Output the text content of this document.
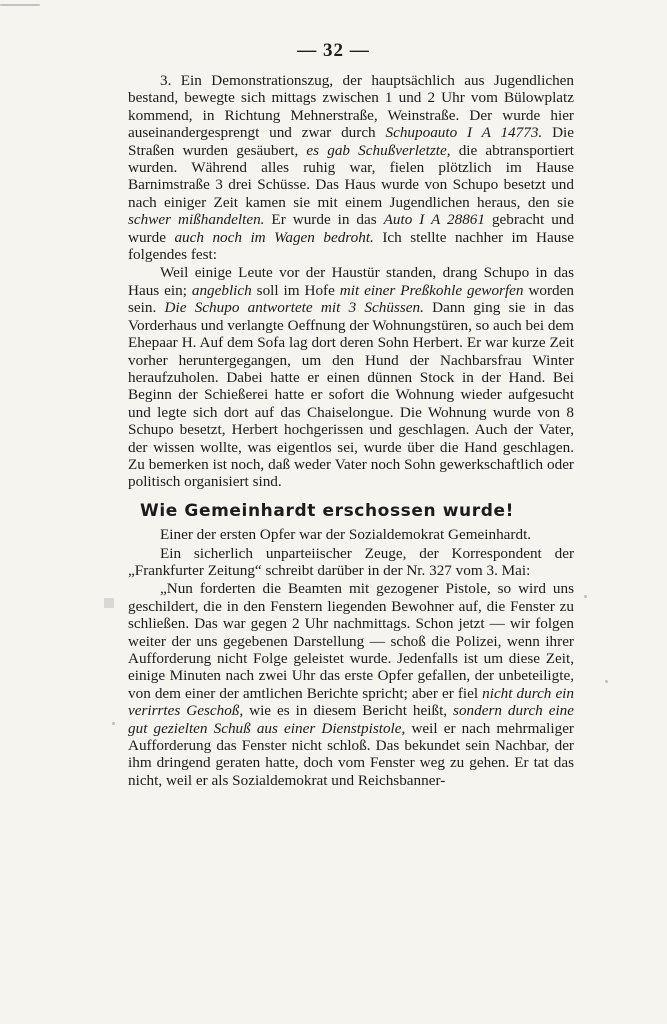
— 32 —

3. Ein Demonstrationszug, der hauptsächlich aus Jugendlichen bestand, bewegte sich mittags zwischen 1 und 2 Uhr vom Bülowplatz kommend, in Richtung Mehnerstraße, Weinstraße. Der wurde hier auseinandergesprengt und zwar durch Schupoauto I A 14773. Die Straßen wurden gesäubert, es gab Schußverletzte, die abtransportiert wurden. Während alles ruhig war, fielen plötzlich im Hause Barnimstraße 3 drei Schüsse. Das Haus wurde von Schupo besetzt und nach einiger Zeit kamen sie mit einem Jugendlichen heraus, den sie schwer mißhandelten. Er wurde in das Auto I A 28861 gebracht und wurde auch noch im Wagen bedroht. Ich stellte nachher im Hause folgendes fest:

Weil einige Leute vor der Haustür standen, drang Schupo in das Haus ein; angeblich soll im Hofe mit einer Preßkohle geworfen worden sein. Die Schupo antwortete mit 3 Schüssen. Dann ging sie in das Vorderhaus und verlangte Oeffnung der Wohnungstüren, so auch bei dem Ehepaar H. Auf dem Sofa lag dort deren Sohn Herbert. Er war kurze Zeit vorher heruntergegangen, um den Hund der Nachbarsfrau Winter heraufzuholen. Dabei hatte er einen dünnen Stock in der Hand. Bei Beginn der Schießerei hatte er sofort die Wohnung wieder aufgesucht und legte sich dort auf das Chaiselongue. Die Wohnung wurde von 8 Schupo besetzt, Herbert hochgerissen und geschlagen. Auch der Vater, der wissen wollte, was eigentlos sei, wurde über die Hand geschlagen. Zu bemerken ist noch, daß weder Vater noch Sohn gewerkschaftlich oder politisch organisiert sind.

Wie Gemeinhardt erschossen wurde!

Einer der ersten Opfer war der Sozialdemokrat Gemeinhardt.

Ein sicherlich unparteiischer Zeuge, der Korrespondent der „Frankfurter Zeitung“ schreibt darüber in der Nr. 327 vom 3. Mai:

„Nun forderten die Beamten mit gezogener Pistole, so wird uns geschildert, die in den Fenstern liegenden Bewohner auf, die Fenster zu schließen. Das war gegen 2 Uhr nachmittags. Schon jetzt — wir folgen weiter der uns gegebenen Darstellung — schoß die Polizei, wenn ihrer Aufforderung nicht Folge geleistet wurde. Jedenfalls ist um diese Zeit, einige Minuten nach zwei Uhr das erste Opfer gefallen, der unbeteiligte, von dem einer der amtlichen Berichte spricht; aber er fiel nicht durch ein verirrtes Geschoß, wie es in diesem Bericht heißt, sondern durch eine gut gezielten Schuß aus einer Dienstpistole, weil er nach mehrmaliger Aufforderung das Fenster nicht schloß. Das bekundet sein Nachbar, der ihm dringend geraten hatte, doch vom Fenster weg zu gehen. Er tat das nicht, weil er als Sozialdemokrat und Reichsbanner-
